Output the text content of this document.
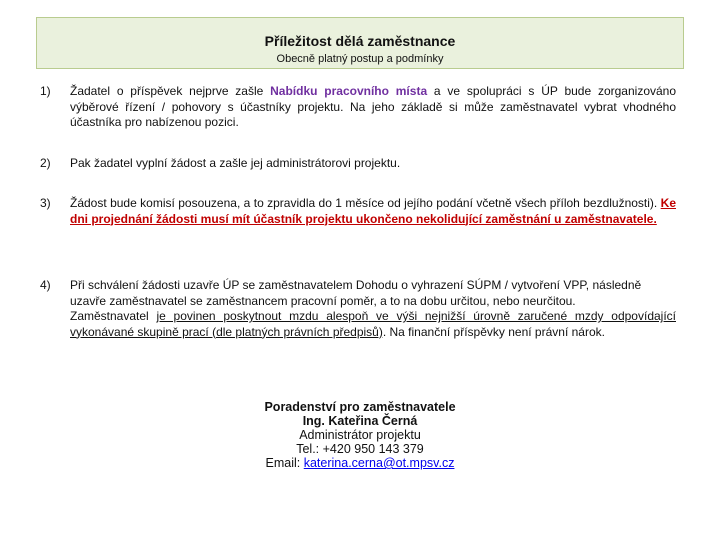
Příležitost dělá zaměstnance
Obecně platný postup a podmínky
1)	Žadatel o příspěvek nejprve zašle Nabídku pracovního místa a ve spolupráci s ÚP bude zorganizováno výběrové řízení / pohovory s účastníky projektu. Na jeho základě si může zaměstnavatel vybrat vhodného účastníka pro nabízenou pozici.
2)	Pak žadatel vyplní žádost a zašle jej administrátorovi projektu.
3)	Žádost bude komisí posouzena, a to zpravidla do 1 měsíce od jejího podání včetně všech příloh bezdlužnosti). Ke dni projednání žádosti musí mít účastník projektu ukončeno nekolidující zaměstnání u zaměstnavatele.
4)	Při schválení žádosti uzavře ÚP se zaměstnavatelem Dohodu o vyhrazení SÚPM / vytvoření VPP, následně
uzavře zaměstnavatel se zaměstnancem pracovní poměr, a to na dobu určitou, nebo neurčitou.
Zaměstnavatel je povinen poskytnout mzdu alespoň ve výši nejnižší úrovně zaručené mzdy odpovídající vykonávané skupině prací (dle platných právních předpisů). Na finanční příspěvky není právní nárok.
Poradenství pro zaměstnavatele
Ing. Kateřina Černá
Administrátor projektu
Tel.: +420 950 143 379
Email: katerina.cerna@ot.mpsv.cz
